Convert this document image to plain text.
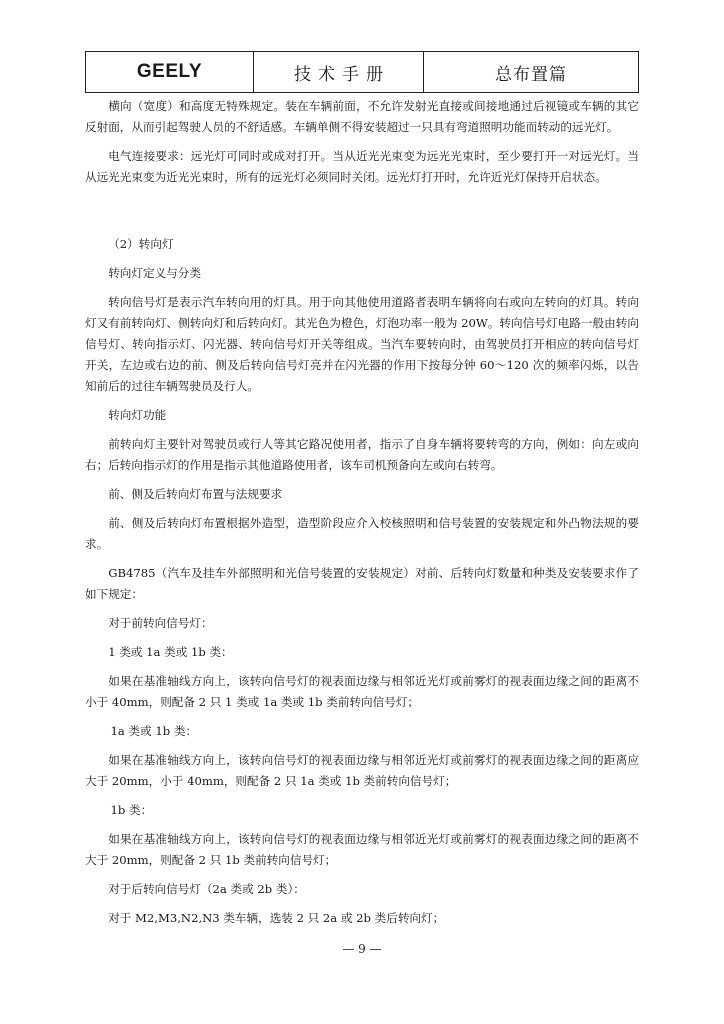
GEELY	技术手册	总布置篇

横向（宽度）和高度无特殊规定。装在车辆前面，不允许发射光直接或间接地通过后视镜或车辆的其它反射面，从而引起驾驶人员的不舒适感。车辆单侧不得安装超过一只具有弯道照明功能而转动的远光灯。

电气连接要求：远光灯可同时或成对打开。当从近光光束变为远光光束时，至少要打开一对远光灯。当从远光光束变为近光光束时，所有的远光灯必须同时关闭。远光灯打开时，允许近光灯保持开启状态。

（2）转向灯

转向灯定义与分类

转向信号灯是表示汽车转向用的灯具。用于向其他使用道路者表明车辆将向右或向左转向的灯具。转向灯又有前转向灯、侧转向灯和后转向灯。其光色为橙色，灯泡功率一般为 20W。转向信号灯电路一般由转向信号灯、转向指示灯、闪光器、转向信号灯开关等组成。当汽车要转向时，由驾驶员打开相应的转向信号灯开关，左边或右边的前、侧及后转向信号灯亮并在闪光器的作用下按每分钟 60～120 次的频率闪烁，以告知前后的过往车辆驾驶员及行人。

转向灯功能

前转向灯主要针对驾驶员或行人等其它路况使用者，指示了自身车辆将要转弯的方向，例如：向左或向右；后转向指示灯的作用是指示其他道路使用者，该车司机预备向左或向右转弯。

前、侧及后转向灯布置与法规要求

前、侧及后转向灯布置根据外造型，造型阶段应介入校核照明和信号装置的安装规定和外凸物法规的要求。

GB4785（汽车及挂车外部照明和光信号装置的安装规定）对前、后转向灯数量和种类及安装要求作了如下规定：

对于前转向信号灯：

1 类或 1a 类或 1b 类：

如果在基准轴线方向上，该转向信号灯的视表面边缘与相邻近光灯或前雾灯的视表面边缘之间的距离不小于 40mm，则配备 2 只 1 类或 1a 类或 1b 类前转向信号灯；

1a 类或 1b 类：

如果在基准轴线方向上，该转向信号灯的视表面边缘与相邻近光灯或前雾灯的视表面边缘之间的距离应大于 20mm，小于 40mm，则配备 2 只 1a 类或 1b 类前转向信号灯；

1b 类：

如果在基准轴线方向上，该转向信号灯的视表面边缘与相邻近光灯或前雾灯的视表面边缘之间的距离不大于 20mm，则配备 2 只 1b 类前转向信号灯；

对于后转向信号灯（2a 类或 2b 类）：

对于 M2,M3,N2,N3 类车辆，选装 2 只 2a 或 2b 类后转向灯；

— 9 —
